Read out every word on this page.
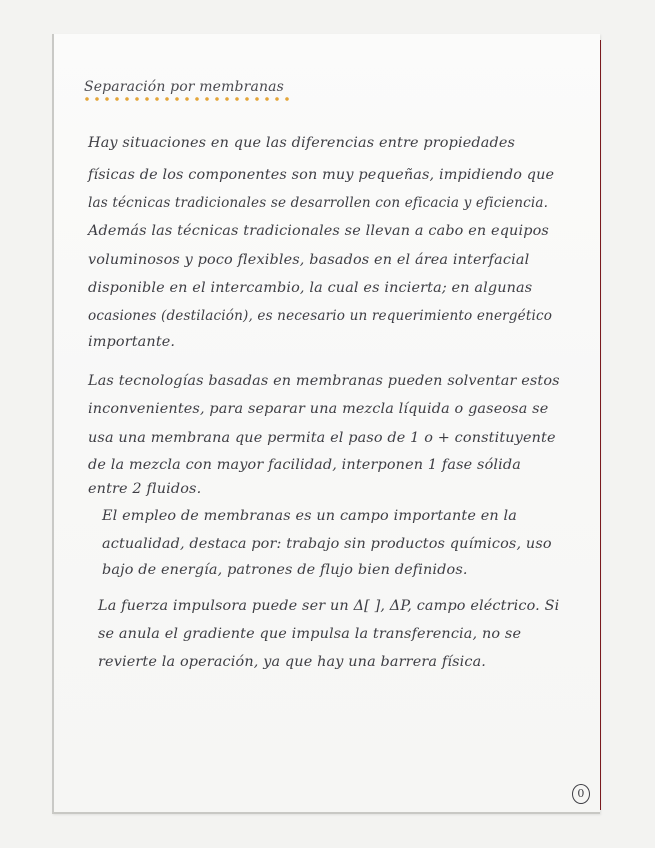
Separación por membranas
Hay situaciones en que las diferencias entre propiedades
físicas de los componentes son muy pequeñas, impidiendo que
las técnicas tradicionales se desarrollen con eficacia y eficiencia.
Además las técnicas tradicionales se llevan a cabo en equipos
voluminosos y poco flexibles, basados en el área interfacial
disponible en el intercambio, la cual es incierta; en algunas
ocasiones (destilación), es necesario un requerimiento energético
importante.
Las tecnologías basadas en membranas pueden solventar estos
inconvenientes, para separar una mezcla líquida o gaseosa se
usa una membrana que permita el paso de 1 o + constituyente
de la mezcla con mayor facilidad, interponen 1 fase sólida
entre 2 fluidos.
El empleo de membranas es un campo importante en la
actualidad, destaca por: trabajo sin productos químicos, uso
bajo de energía, patrones de flujo bien definidos.
La fuerza impulsora puede ser un Δ[ ], ΔP, campo eléctrico. Si
se anula el gradiente que impulsa la transferencia, no se
revierte la operación, ya que hay una barrera física.
0
